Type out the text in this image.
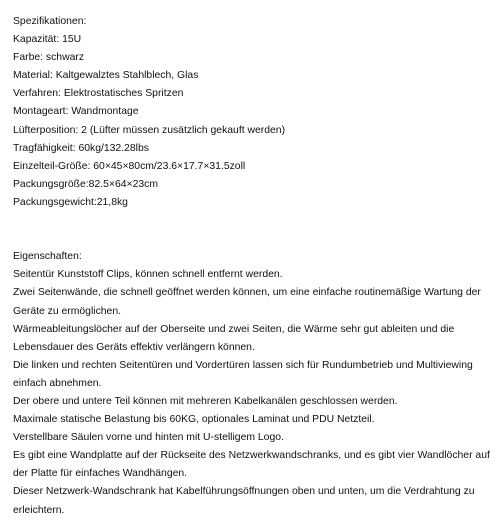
Spezifikationen:
Kapazität: 15U
Farbe: schwarz
Material: Kaltgewalztes Stahlblech, Glas
Verfahren: Elektrostatisches Spritzen
Montageart: Wandmontage
Lüfterposition: 2 (Lüfter müssen zusätzlich gekauft werden)
Tragfähigkeit: 60kg/132.28lbs
Einzelteil-Größe: 60×45×80cm/23.6×17.7×31.5zoll
Packungsgröße:82.5×64×23cm
Packungsgewicht:21,8kg
Eigenschaften:
Seitentür Kunststoff Clips, können schnell entfernt werden.
Zwei Seitenwände, die schnell geöffnet werden können, um eine einfache routinemäßige Wartung der Geräte zu ermöglichen.
Wärmeableitungslöcher auf der Oberseite und zwei Seiten, die Wärme sehr gut ableiten und die Lebensdauer des Geräts effektiv verlängern können.
Die linken und rechten Seitentüren und Vordertüren lassen sich für Rundumbetrieb und Multiviewing einfach abnehmen.
Der obere und untere Teil können mit mehreren Kabelkanälen geschlossen werden.
Maximale statische Belastung bis 60KG, optionales Laminat und PDU Netzteil.
Verstellbare Säulen vorne und hinten mit U-stelligem Logo.
Es gibt eine Wandplatte auf der Rückseite des Netzwerkwandschranks, und es gibt vier Wandlöcher auf der Platte für einfaches Wandhängen.
Dieser Netzwerk-Wandschrank hat Kabelführungsöffnungen oben und unten, um die Verdrahtung zu erleichtern.
